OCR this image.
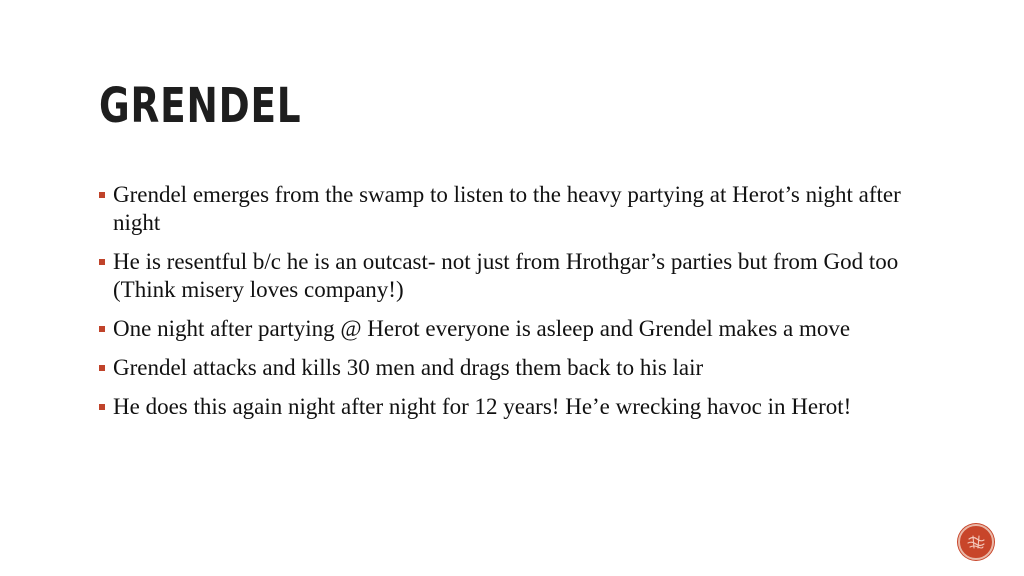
GRENDEL
Grendel emerges from the swamp to listen to the heavy partying at Herot’s night after night
He is resentful b/c he is an outcast- not just from Hrothgar’s parties but from God too (Think misery loves company!)
One night after partying @ Herot everyone is asleep and Grendel makes a move
Grendel attacks and kills 30 men and drags them back to his lair
He does this again night after night for 12 years! He’e wrecking havoc in Herot!
